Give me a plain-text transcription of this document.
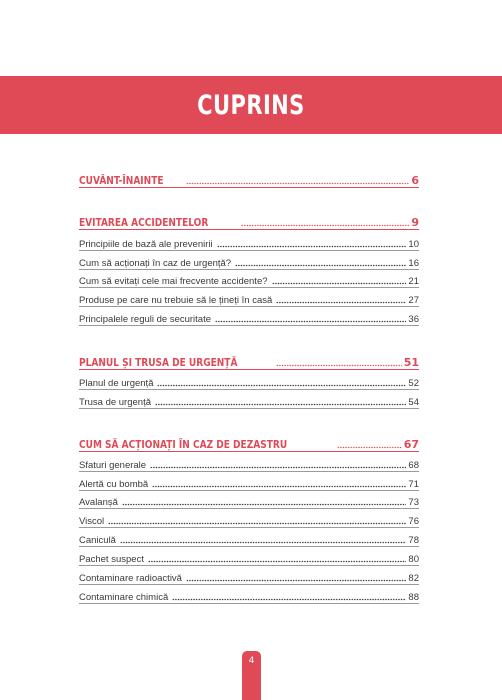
CUPRINS
CUVÂNT-ÎNAINTE	6
EVITAREA ACCIDENTELOR	9
Principiile de bază ale prevenirii	10
Cum să acționați în caz de urgență?	16
Cum să evitați cele mai frecvente accidente?	21
Produse pe care nu trebuie să le țineți în casă	27
Principalele reguli de securitate	36
PLANUL ȘI TRUSA DE URGENȚĂ	51
Planul de urgență	52
Trusa de urgență	54
CUM SĂ ACȚIONAȚI ÎN CAZ DE DEZASTRU	67
Sfaturi generale	68
Alertă cu bombă	71
Avalanșă	73
Viscol	76
Caniculă	78
Pachet suspect	80
Contaminare radioactivă	82
Contaminare chimică	88
4
